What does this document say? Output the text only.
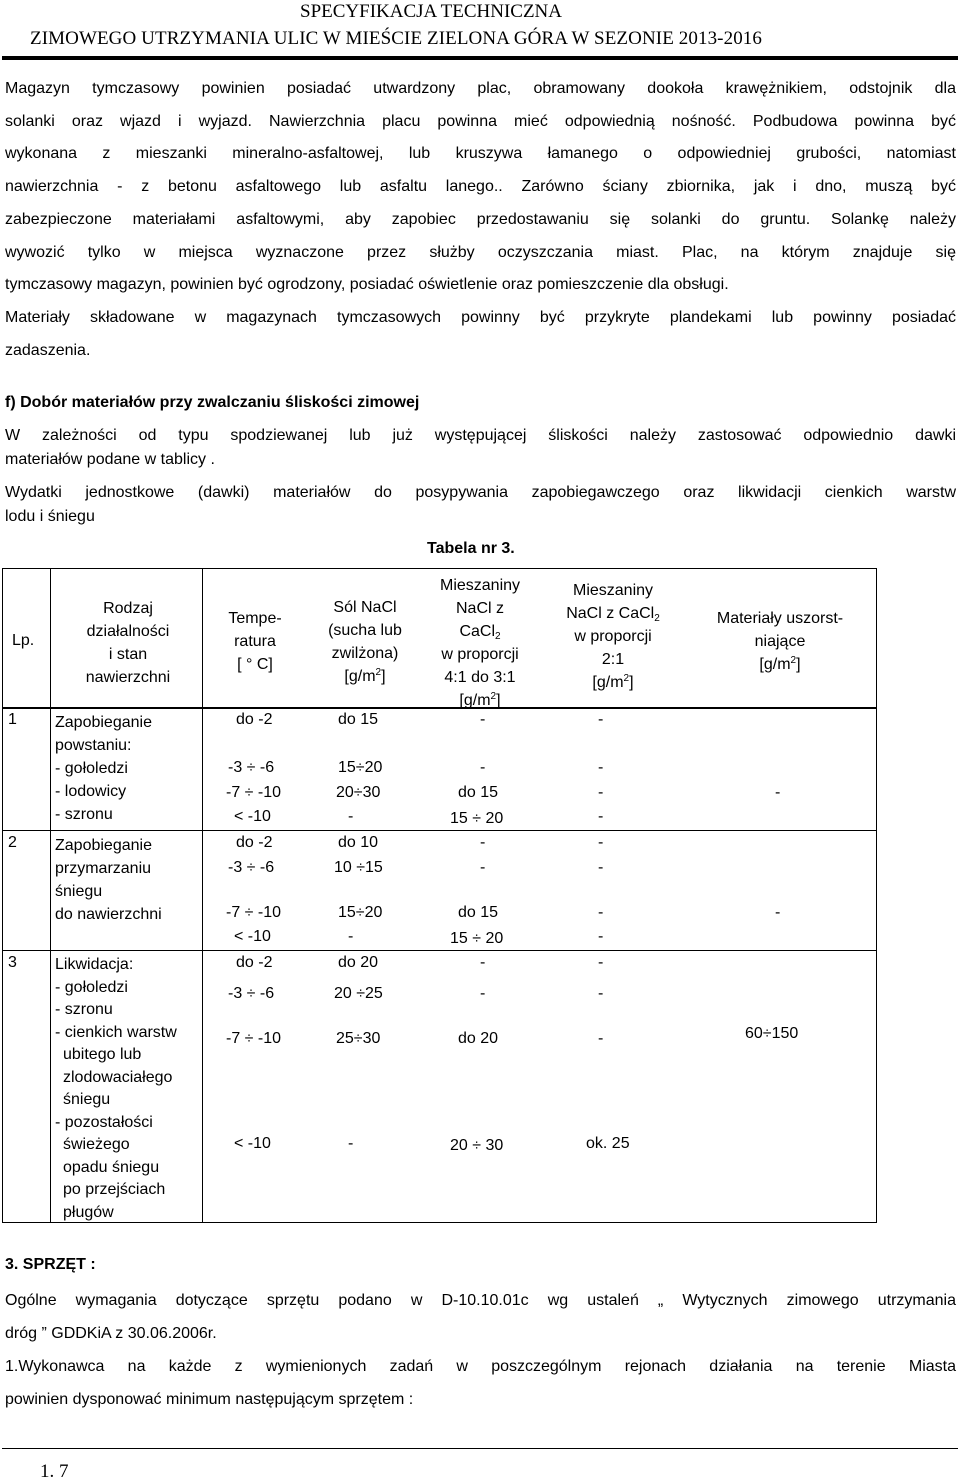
SPECYFIKACJA TECHNICZNA
ZIMOWEGO UTRZYMANIA ULIC W MIEŚCIE ZIELONA GÓRA W SEZONIE 2013-2016
Magazyn tymczasowy powinien posiadać utwardzony plac, obramowany dookoła krawężnikiem, odstojnik dla
solanki oraz wjazd i wyjazd. Nawierzchnia placu powinna mieć odpowiednią nośność. Podbudowa powinna być
wykonana z mieszanki mineralno-asfaltowej, lub kruszywa łamanego o odpowiedniej grubości, natomiast
nawierzchnia - z betonu asfaltowego lub asfaltu lanego.. Zarówno ściany zbiornika, jak i dno, muszą być
zabezpieczone materiałami asfaltowymi, aby zapobiec przedostawaniu się solanki do gruntu. Solankę należy
wywozić tylko w miejsca wyznaczone przez służby oczyszczania miast. Plac, na którym znajduje się
tymczasowy magazyn, powinien być ogrodzony, posiadać oświetlenie oraz pomieszczenie dla obsługi.
Materiały składowane w magazynach tymczasowych powinny być przykryte plandekami lub powinny posiadać
zadaszenia.
f) Dobór materiałów przy zwalczaniu śliskości zimowej
W zależności od typu spodziewanej lub już występującej śliskości należy zastosować odpowiednio dawki
materiałów podane w tablicy .
Wydatki jednostkowe (dawki) materiałów do posypywania zapobiegawczego oraz likwidacji cienkich warstw
lodu i śniegu
Tabela nr 3.
Lp.
Rodzaj
działalności
i stan
nawierzchni
Tempe-
ratura
[ ° C]
Sól NaCl
(sucha lub
zwilżona)
$[g/m^2]$
Mieszaniny
NaCl z
CaCl$_2$
w proporcji
4:1 do 3:1
$[g/m^2]$
Mieszaniny
NaCl z CaCl$_2$
w proporcji
2:1
$[g/m^2]$
Materiały uszorst-
niające
$[g/m^2]$
1
2
3
Zapobieganie
powstaniu:
- gołoledzi
- lodowicy
- szronu
Zapobieganie
przymarzaniu
śniegu
do nawierzchni
Likwidacja:
- gołoledzi
- szronu
- cienkich warstw
ubitego lub
zlodowaciałego
śniegu
- pozostałości
świeżego
opadu śniegu
po przejściach
pługów
do -2
-3 ÷ -6
-7 ÷ -10
< -10
do -2
-3 ÷ -6
-7 ÷ -10
< -10
do -2
-3 ÷ -6
-7 ÷ -10
< -10
do 15
15÷20
20÷30
-
do 10
10 ÷15
15÷20
-
do 20
20 ÷25
25÷30
-
-
-
do 15
15 ÷ 20
-
-
do 15
15 ÷ 20
-
-
do 20
20 ÷ 30
-
-
-
-
-
-
-
-
-
-
-
ok. 25
-
-
60÷150
3. SPRZĘT :
Ogólne wymagania dotyczące sprzętu podano w D-10.10.01c wg ustaleń „ Wytycznych zimowego utrzymania
dróg ” GDDKiA z 30.06.2006r.
1.Wykonawca na każde z wymienionych zadań w poszczególnym rejonach działania na terenie Miasta
powinien dysponować minimum następującym sprzętem :
1. 7
